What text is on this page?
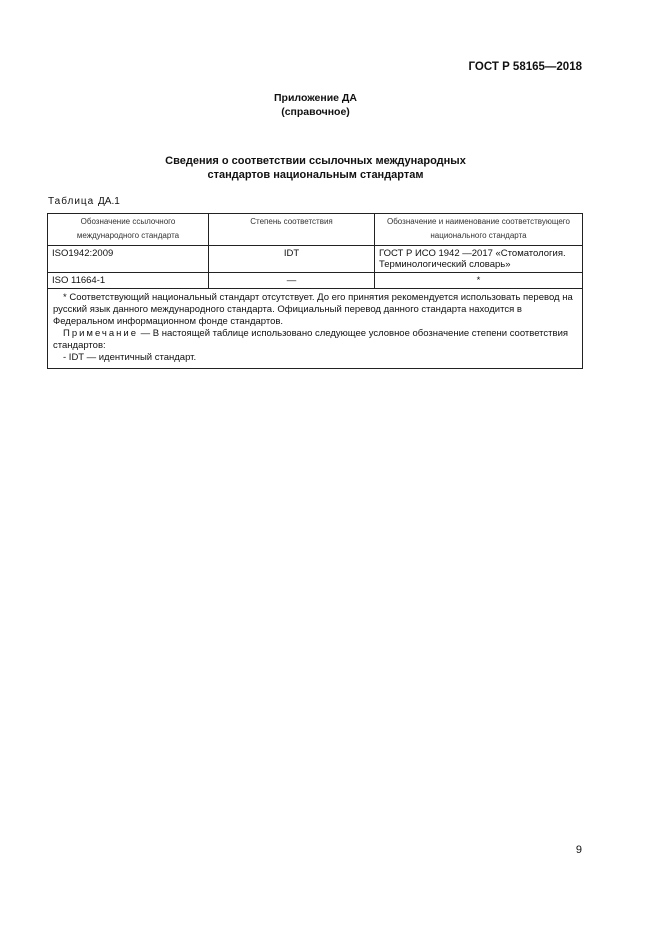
ГОСТ Р 58165—2018
Приложение ДА
(справочное)
Сведения о соответствии ссылочных международных
стандартов национальным стандартам
Таблица ДА.1
Обозначение ссылочного международного стандарта	Степень соответствия	Обозначение и наименование соответствующего национального стандарта
ISO1942:2009	IDT	ГОСТ Р ИСО 1942 —2017 «Стоматология. Терминологический словарь»
ISO 11664-1	—	*

* Соответствующий национальный стандарт отсутствует. До его принятия рекомендуется использовать перевод на русский язык данного международного стандарта. Официальный перевод данного стандарта находится в Федеральном информационном фонде стандартов.

Примечание — В настоящей таблице использовано следующее условное обозначение степени соответствия стандартов:

- IDT — идентичный стандарт.		

9
